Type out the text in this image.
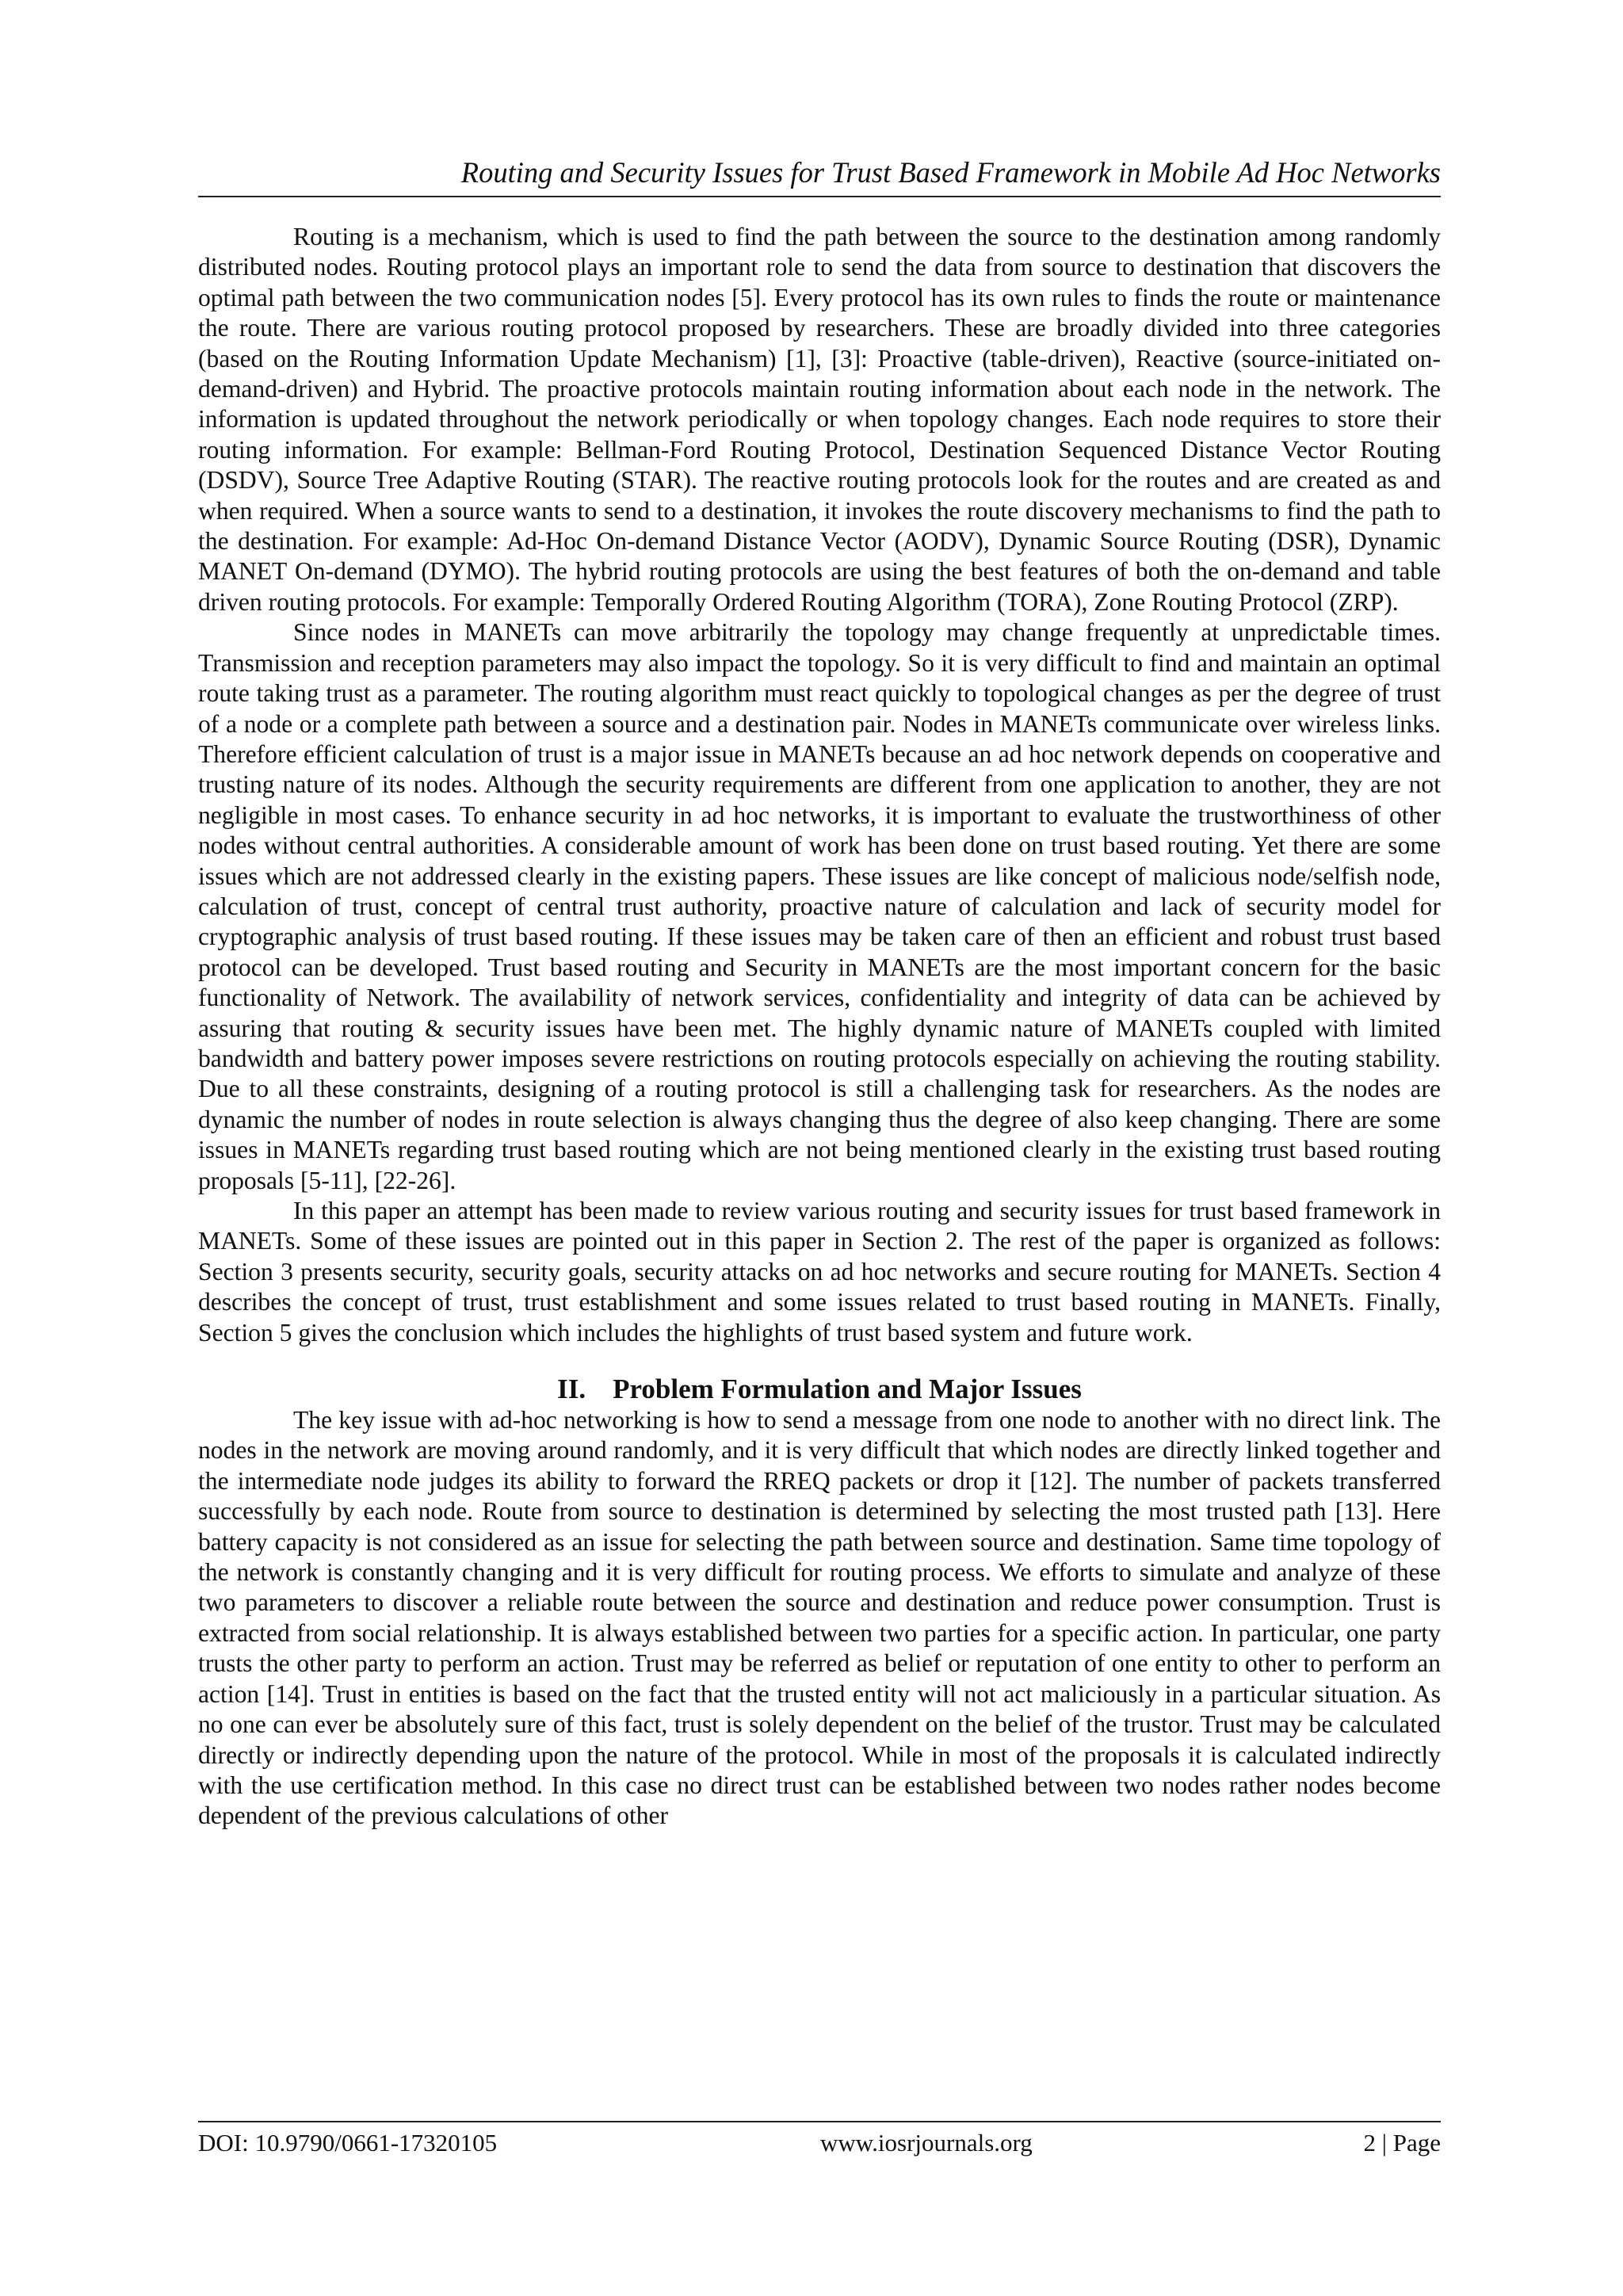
Routing and Security Issues for Trust Based Framework in Mobile Ad Hoc Networks

Routing is a mechanism, which is used to find the path between the source to the destination among randomly distributed nodes. Routing protocol plays an important role to send the data from source to destination that discovers the optimal path between the two communication nodes [5]. Every protocol has its own rules to finds the route or maintenance the route. There are various routing protocol proposed by researchers. These are broadly divided into three categories (based on the Routing Information Update Mechanism) [1], [3]: Proactive (table-driven), Reactive (source-initiated on-demand-driven) and Hybrid. The proactive protocols maintain routing information about each node in the network. The information is updated throughout the network periodically or when topology changes. Each node requires to store their routing information. For example: Bellman-Ford Routing Protocol, Destination Sequenced Distance Vector Routing (DSDV), Source Tree Adaptive Routing (STAR). The reactive routing protocols look for the routes and are created as and when required. When a source wants to send to a destination, it invokes the route discovery mechanisms to find the path to the destination. For example: Ad-Hoc On-demand Distance Vector (AODV), Dynamic Source Routing (DSR), Dynamic MANET On-demand (DYMO). The hybrid routing protocols are using the best features of both the on-demand and table driven routing protocols. For example: Temporally Ordered Routing Algorithm (TORA), Zone Routing Protocol (ZRP).

Since nodes in MANETs can move arbitrarily the topology may change frequently at unpredictable times. Transmission and reception parameters may also impact the topology. So it is very difficult to find and maintain an optimal route taking trust as a parameter. The routing algorithm must react quickly to topological changes as per the degree of trust of a node or a complete path between a source and a destination pair. Nodes in MANETs communicate over wireless links. Therefore efficient calculation of trust is a major issue in MANETs because an ad hoc network depends on cooperative and trusting nature of its nodes. Although the security requirements are different from one application to another, they are not negligible in most cases. To enhance security in ad hoc networks, it is important to evaluate the trustworthiness of other nodes without central authorities. A considerable amount of work has been done on trust based routing. Yet there are some issues which are not addressed clearly in the existing papers. These issues are like concept of malicious node/selfish node, calculation of trust, concept of central trust authority, proactive nature of calculation and lack of security model for cryptographic analysis of trust based routing. If these issues may be taken care of then an efficient and robust trust based protocol can be developed. Trust based routing and Security in MANETs are the most important concern for the basic functionality of Network. The availability of network services, confidentiality and integrity of data can be achieved by assuring that routing & security issues have been met. The highly dynamic nature of MANETs coupled with limited bandwidth and battery power imposes severe restrictions on routing protocols especially on achieving the routing stability. Due to all these constraints, designing of a routing protocol is still a challenging task for researchers. As the nodes are dynamic the number of nodes in route selection is always changing thus the degree of also keep changing. There are some issues in MANETs regarding trust based routing which are not being mentioned clearly in the existing trust based routing proposals [5-11], [22-26].

In this paper an attempt has been made to review various routing and security issues for trust based framework in MANETs. Some of these issues are pointed out in this paper in Section 2. The rest of the paper is organized as follows: Section 3 presents security, security goals, security attacks on ad hoc networks and secure routing for MANETs. Section 4 describes the concept of trust, trust establishment and some issues related to trust based routing in MANETs. Finally, Section 5 gives the conclusion which includes the highlights of trust based system and future work.

II. Problem Formulation and Major Issues

The key issue with ad-hoc networking is how to send a message from one node to another with no direct link. The nodes in the network are moving around randomly, and it is very difficult that which nodes are directly linked together and the intermediate node judges its ability to forward the RREQ packets or drop it [12]. The number of packets transferred successfully by each node. Route from source to destination is determined by selecting the most trusted path [13]. Here battery capacity is not considered as an issue for selecting the path between source and destination. Same time topology of the network is constantly changing and it is very difficult for routing process. We efforts to simulate and analyze of these two parameters to discover a reliable route between the source and destination and reduce power consumption. Trust is extracted from social relationship. It is always established between two parties for a specific action. In particular, one party trusts the other party to perform an action. Trust may be referred as belief or reputation of one entity to other to perform an action [14]. Trust in entities is based on the fact that the trusted entity will not act maliciously in a particular situation. As no one can ever be absolutely sure of this fact, trust is solely dependent on the belief of the trustor. Trust may be calculated directly or indirectly depending upon the nature of the protocol. While in most of the proposals it is calculated indirectly with the use certification method. In this case no direct trust can be established between two nodes rather nodes become dependent of the previous calculations of other

DOI: 10.9790/0661-17320105	www.iosrjournals.org	2 | Page
